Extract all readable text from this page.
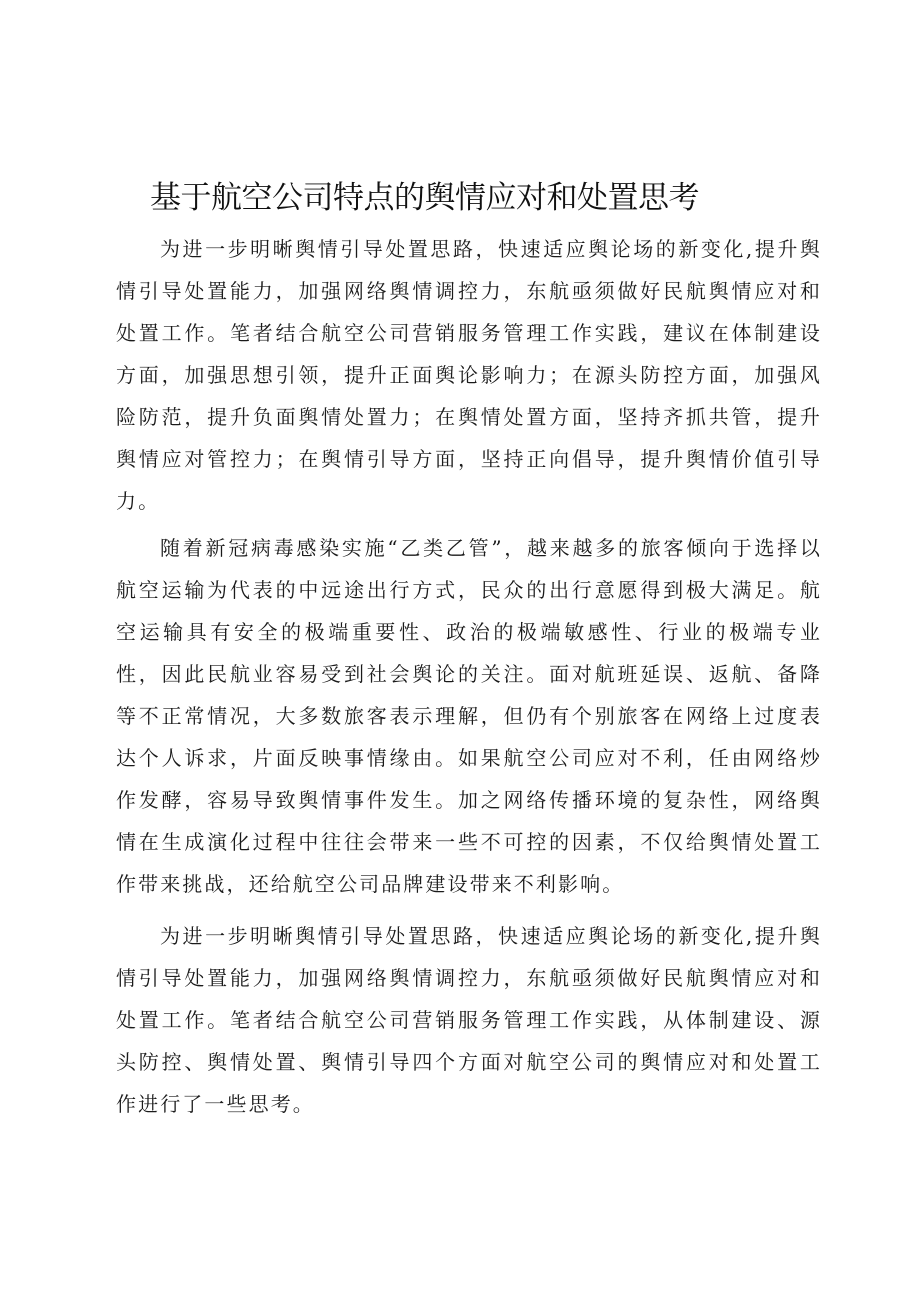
基于航空公司特点的舆情应对和处置思考

为进一步明晰舆情引导处置思路，快速适应舆论场的新变化,提升舆情引导处置能力，加强网络舆情调控力，东航亟须做好民航舆情应对和处置工作。笔者结合航空公司营销服务管理工作实践，建议在体制建设方面，加强思想引领，提升正面舆论影响力；在源头防控方面，加强风险防范，提升负面舆情处置力；在舆情处置方面，坚持齐抓共管，提升舆情应对管控力；在舆情引导方面，坚持正向倡导，提升舆情价值引导力。

随着新冠病毒感染实施“乙类乙管”，越来越多的旅客倾向于选择以航空运输为代表的中远途出行方式，民众的出行意愿得到极大满足。航空运输具有安全的极端重要性、政治的极端敏感性、行业的极端专业性，因此民航业容易受到社会舆论的关注。面对航班延误、返航、备降等不正常情况，大多数旅客表示理解，但仍有个别旅客在网络上过度表达个人诉求，片面反映事情缘由。如果航空公司应对不利，任由网络炒作发酵，容易导致舆情事件发生。加之网络传播环境的复杂性，网络舆情在生成演化过程中往往会带来一些不可控的因素，不仅给舆情处置工作带来挑战，还给航空公司品牌建设带来不利影响。

为进一步明晰舆情引导处置思路，快速适应舆论场的新变化,提升舆情引导处置能力，加强网络舆情调控力，东航亟须做好民航舆情应对和处置工作。笔者结合航空公司营销服务管理工作实践，从体制建设、源头防控、舆情处置、舆情引导四个方面对航空公司的舆情应对和处置工作进行了一些思考。
